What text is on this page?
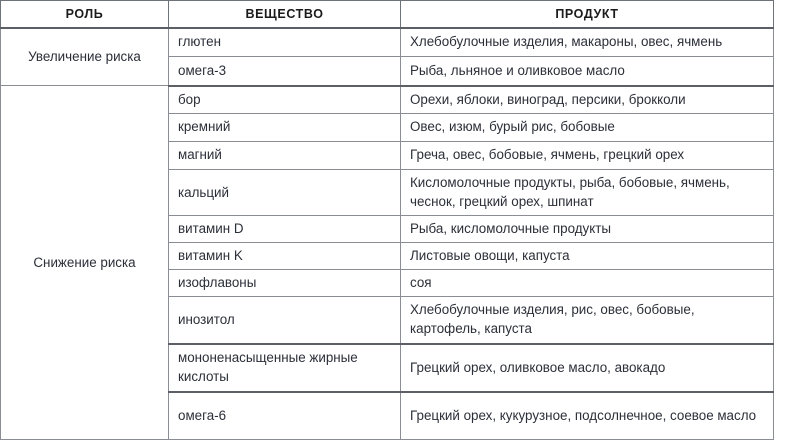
РОЛЬ	ВЕЩЕСТВО	ПРОДУКТ
Увеличение риска	глютен	Хлебобулочные изделия, макароны, овес, ячмень
	омега-3	Рыба, льняное и оливковое масло
Снижение риска	бор	Орехи, яблоки, виноград, персики, брокколи
	кремний	Овес, изюм, бурый рис, бобовые
	магний	Греча, овес, бобовые, ячмень, грецкий орех
	кальций	Кисломолочные продукты, рыба, бобовые, ячмень, чеснок, грецкий орех, шпинат
	витамин D	Рыба, кисломолочные продукты
	витамин K	Листовые овощи, капуста
	изофлавоны	соя
	инозитол	Хлебобулочные изделия, рис, овес, бобовые, картофель, капуста
	мононенасыщенные жирные кислоты	Грецкий орех, оливковое масло, авокадо
	омега-6	Грецкий орех, кукурузное, подсолнечное, соевое масло
